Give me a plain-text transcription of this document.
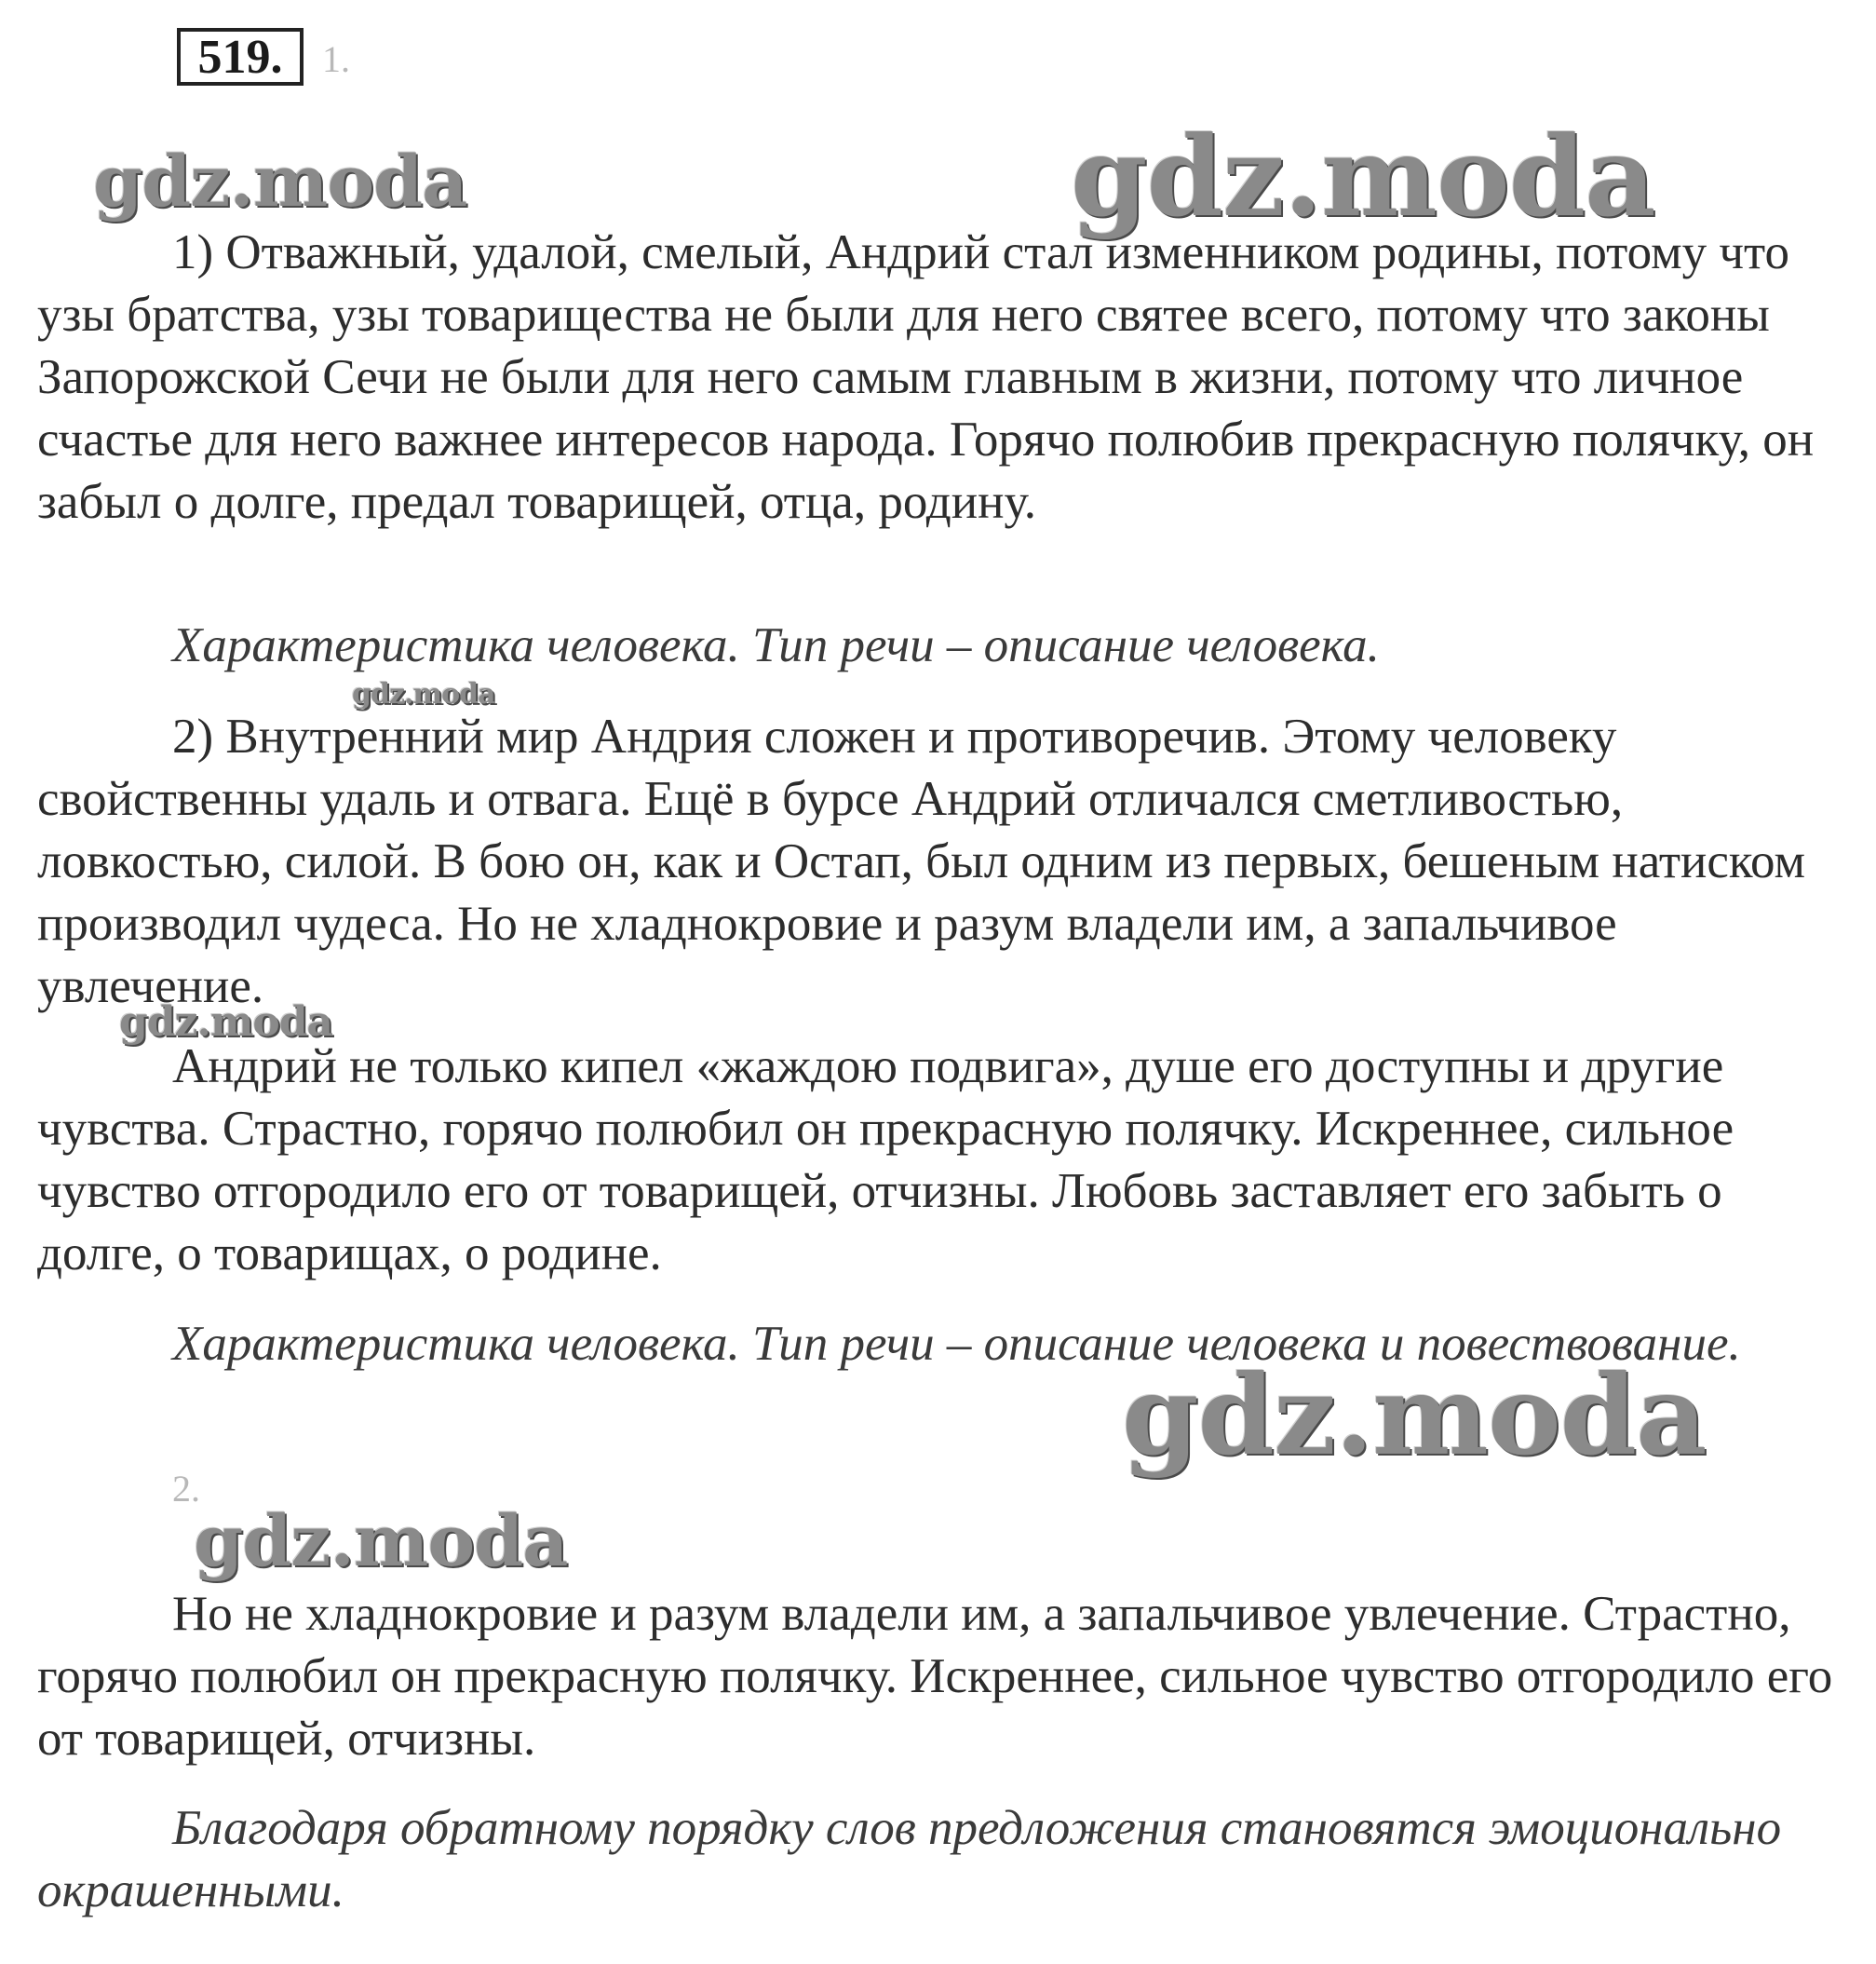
519. 1.
gdz.moda	gdz.moda
gdz.moda
gdz.moda
gdz.moda
gdz.moda

1) Отважный, удалой, смелый, Андрий стал изменником родины, потому что узы братства, узы товарищества не были для него святее всего, потому что законы Запорожской Сечи не были для него самым главным в жизни, потому что личное счастье для него важнее интересов народа. Горячо полюбив прекрасную полячку, он забыл о долге, предал товарищей, отца, родину.

Характеристика человека. Тип речи – описание человека.

2) Внутренний мир Андрия сложен и противоречив. Этому человеку свойственны удаль и отвага. Ещё в бурсе Андрий отличался сметливостью, ловкостью, силой. В бою он, как и Остап, был одним из первых, бешеным натиском производил чудеса. Но не хладнокровие и разум владели им, а запальчивое увлечение.

Андрий не только кипел «жаждою подвига», душе его доступны и другие чувства. Страстно, горячо полюбил он прекрасную полячку. Искреннее, сильное чувство отгородило его от товарищей, отчизны. Любовь заставляет его забыть о долге, о товарищах, о родине.

Характеристика человека. Тип речи – описание человека и повествование.

2.

Но не хладнокровие и разум владели им, а запальчивое увлечение. Страстно, горячо полюбил он прекрасную полячку. Искреннее, сильное чувство отгородило его от товарищей, отчизны.

Благодаря обратному порядку слов предложения становятся эмоционально окрашенными.
